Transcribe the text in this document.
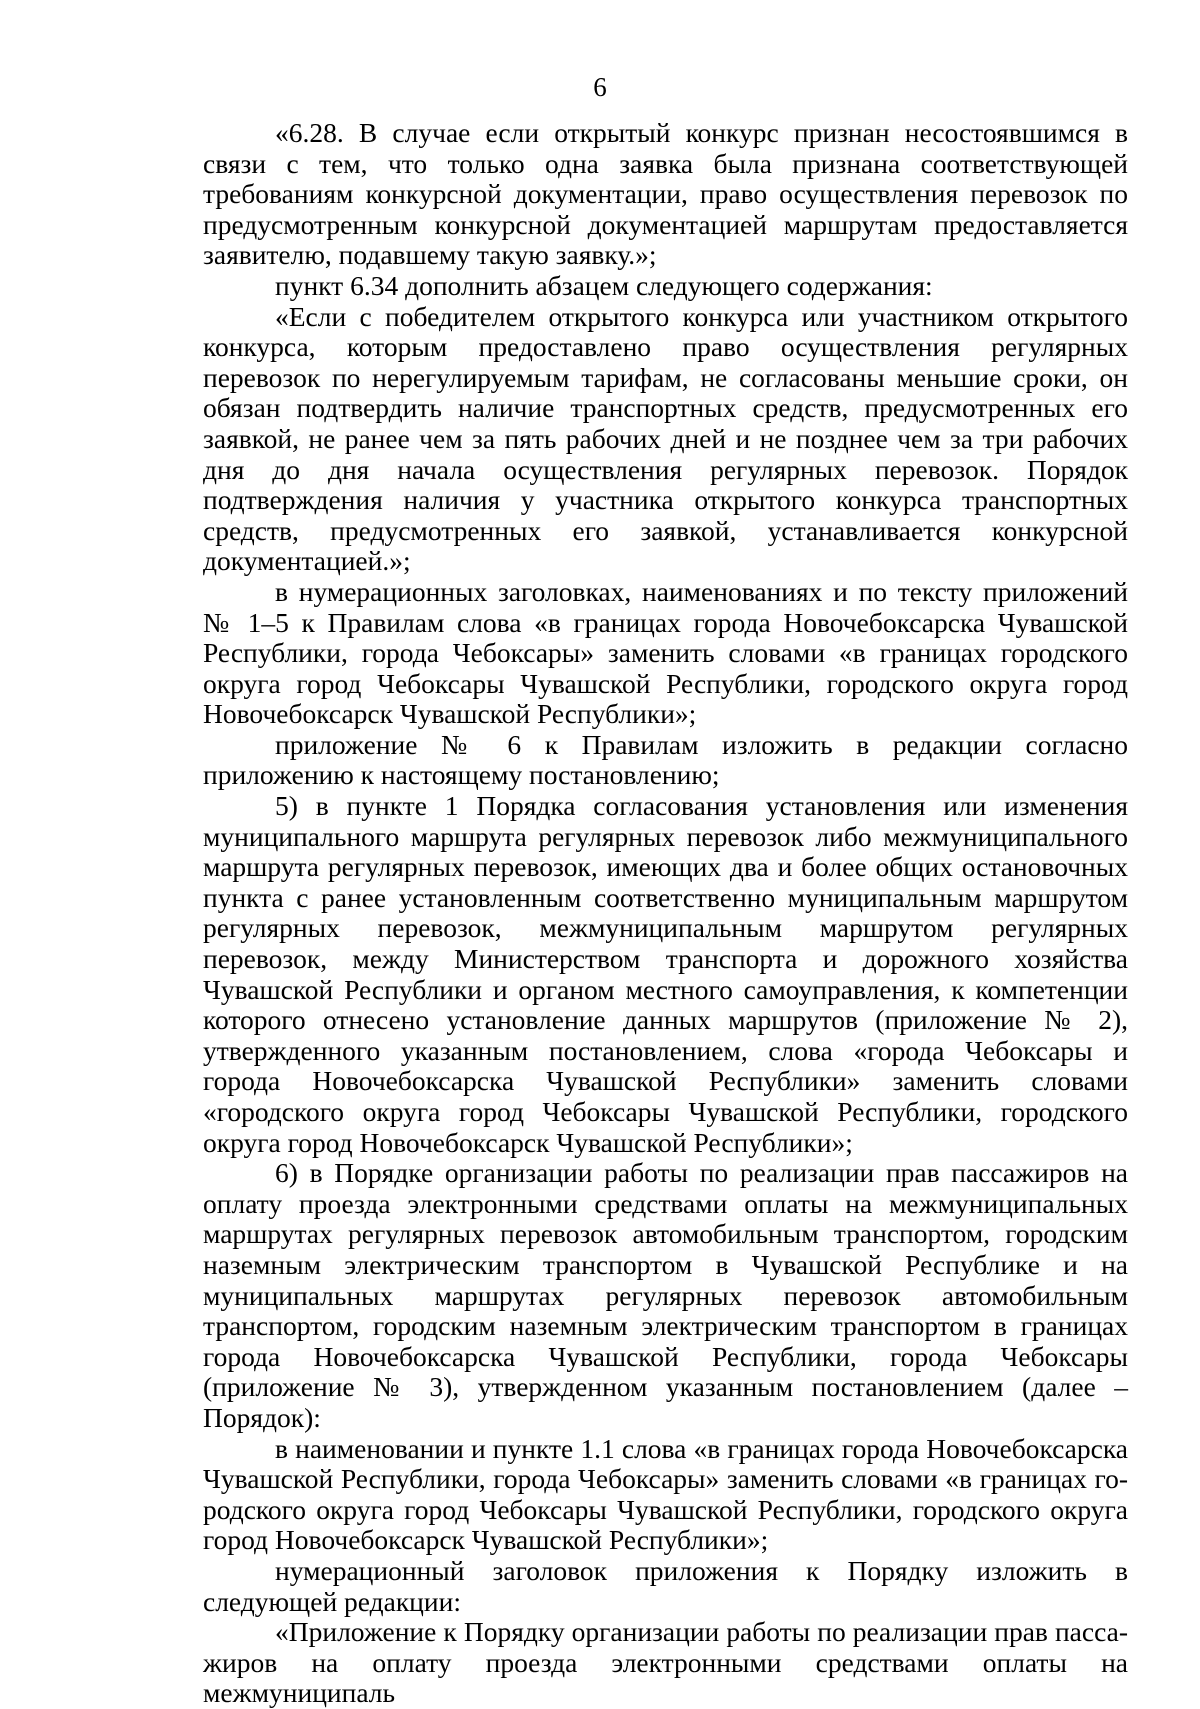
6

«6.28. В случае если открытый конкурс признан несостоявшимся в связи с тем, что только одна заявка была признана соответствующей требованиям конкурсной документации, право осуществления перевозок по предусмотренным конкурсной документацией маршрутам предоставляется заявителю, подавшему такую заявку.»;

пункт 6.34 дополнить абзацем следующего содержания:

«Если с победителем открытого конкурса или участником открытого конкурса, которым предоставлено право осуществления регулярных перевозок по нерегулируемым тарифам, не согласованы меньшие сроки, он обязан подтвердить наличие транспортных средств, предусмотренных его заявкой, не ранее чем за пять рабочих дней и не позднее чем за три рабочих дня до дня начала осуществления регулярных перевозок. Порядок подтверждения наличия у участника открытого конкурса транспортных средств, предусмотренных его заявкой, устанавливается конкурсной документацией.»;

в нумерационных заголовках, наименованиях и по тексту приложений № 1–5 к Правилам слова «в границах города Новочебоксарска Чувашской Республики, города Чебоксары» заменить словами «в границах городского округа город Чебоксары Чувашской Республики, городского округа город Новочебоксарск Чувашской Республики»;

приложение № 6 к Правилам изложить в редакции согласно приложению к настоящему постановлению;

5) в пункте 1 Порядка согласования установления или изменения муниципального маршрута регулярных перевозок либо межмуниципального маршрута регулярных перевозок, имеющих два и более общих остановочных пункта с ранее установленным соответственно муниципальным маршрутом регулярных перевозок, межмуниципальным маршрутом регулярных перевозок, между Министерством транспорта и дорожного хозяйства Чувашской Республики и органом местного самоуправления, к компетенции которого отнесено установление данных маршрутов (приложение № 2), утвержденного указанным постановлением, слова «города Чебоксары и города Новочебоксарска Чувашской Республики» заменить словами «городского округа город Чебоксары Чувашской Республики, городского округа город Новочебоксарск Чувашской Республики»;

6) в Порядке организации работы по реализации прав пассажиров на оплату проезда электронными средствами оплаты на межмуниципальных маршрутах регулярных перевозок автомобильным транспортом, городским наземным электрическим транспортом в Чувашской Республике и на муниципальных маршрутах регулярных перевозок автомобильным транспортом, городским наземным электрическим транспортом в границах города Новочебоксарска Чувашской Республики, города Чебоксары (приложение № 3), утвержденном указанным постановлением (далее – Порядок):

в наименовании и пункте 1.1 слова «в границах города Новочебоксарска Чувашской Республики, города Чебоксары» заменить словами «в границах городского округа город Чебоксары Чувашской Республики, городского округа город Новочебоксарск Чувашской Республики»;

нумерационный заголовок приложения к Порядку изложить в следующей редакции:

«Приложение к Порядку организации работы по реализации прав пассажиров на оплату проезда электронными средствами оплаты на межмуниципаль
